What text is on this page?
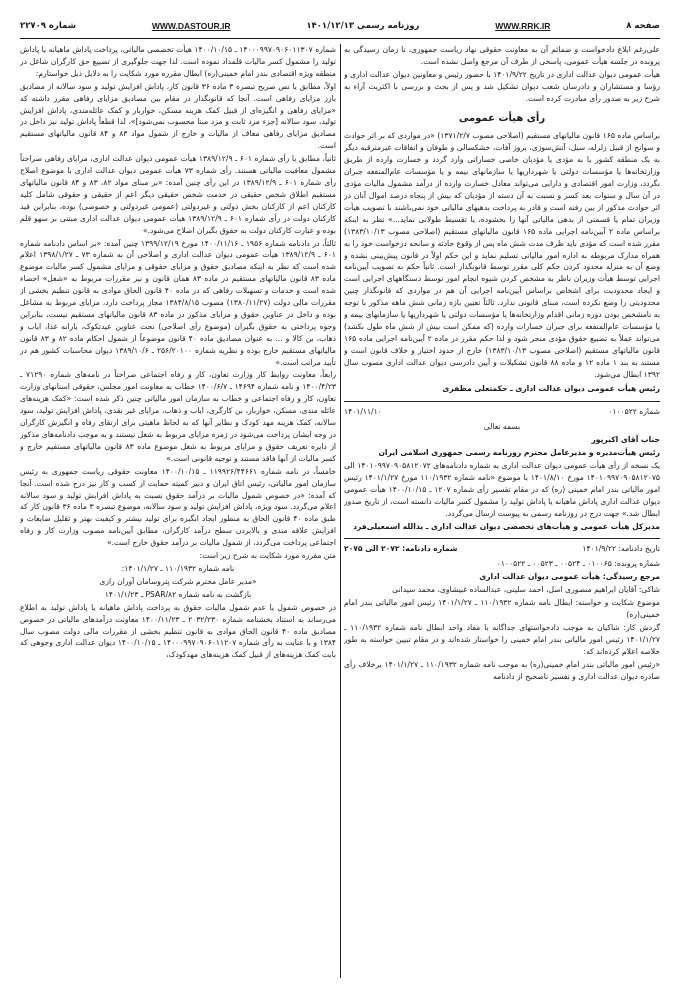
شماره ۲۲۷۰۹	WWW.DASTOUR.IR	روزنامه رسمی ۱۴۰۱/۱۲/۱۳	WWW.RRK.IR	صفحه ۸

علی‌رغم ابلاغ دادخواست و ضمائم آن به معاونت حقوقی نهاد ریاست جمهوری، تا زمان رسیدگی به پرونده در جلسه هیأت عمومی، پاسخی از طرف آن مرجع واصل نشده است.

هیأت عمومی دیوان عدالت اداری در تاریخ ۱۴۰۱/۹/۲۲ با حضور رئیس و معاونین دیوان عدالت اداری و رؤسا و مستشاران و دادرسان شعب دیوان تشکیل شد و پس از بحث و بررسی با اکثریت آراء به شرح زیر به صدور رأی مبادرت کرده است.

رأی هیأت عمومی

براساس ماده ۱۶۵ قانون مالیاتهای مستقیم (اصلاحی مصوب ۱۳۷۱/۲/۷) «در مواردی که بر اثر حوادث و سوانح از قبیل زلزله، سیل، آتش‌سوزی، بروز آفات، خشکسالی و طوفان و اتفاقات غیرمترقبه دیگر به یک منطقه کشور یا به مؤدی یا مؤدیان خاصی خساراتی وارد گردد و خسارت وارده از طریق وزارتخانه‌ها یا مؤسسات دولتی یا شهرداریها یا سازمانهای بیمه و یا مؤسسات عام‌المنفعه جبران نگردد، وزارت امور اقتصادی و دارایی می‌تواند معادل خسارت وارده از درآمد مشمول مالیات مؤدی در آن سال و سنوات بعد کسر و نسبت به آن دسته از مؤدیان که بیش از پنجاه درصد اموال آنان در اثر حوادث مذکور از بین رفته است و قادر به پرداخت بدهیهای مالیاتی خود نمی‌باشند با تصویب هیأت وزیران تمام یا قسمتی از بدهی مالیاتی آنها را بخشوده، یا تقسیط طولانی نماید...» نظر به اینکه براساس ماده ۲ آیین‌نامه اجرایی ماده ۱۶۵ قانون مالیاتهای مستقیم (اصلاحی مصوب ۱۳۸۳/۱۰/۱۳) مقرر شده است که مؤدی باید ظرف مدت شش ماه پس از وقوع حادثه و سانحه درخواست خود را به همراه مدارک مربوطه به اداره امور مالیاتی تسلیم نماید و این حکم اولاً در قانون پیش‌بینی نشده و وضع آن به منزله محدود کردن حکم کلی مقرر توسط قانونگذار است. ثانیاً حکم به تصویب آیین‌نامه اجرایی توسط هیأت وزیران ناظر به مشخص کردن شیوه انجام امور توسط دستگاههای اجرایی است و ایجاد محدودیت برای اشخاص براساس آیین‌نامه اجرایی آن هم در مواردی که قانونگذار چنین محدودیتی را وضع نکرده است، مبنای قانونی ندارد. ثالثاً تعیین بازه زمانی شش ماهه مذکور با توجه به نامشخص بودن دوره زمانی اقدام وزارتخانه‌ها یا مؤسسات دولتی یا شهرداریها یا سازمانهای بیمه و یا مؤسسات عام‌المنفعه برای جبران خسارات وارده (که ممکن است بیش از شش ماه طول بکشد) می‌تواند عملاً به تضییع حقوق مؤدی منجر شود و لذا حکم مقرر در ماده ۲ آیین‌نامه اجرایی ماده ۱۶۵ قانون مالیاتهای مستقیم (اصلاحی مصوب ۱۳۸۳/۱۰/۱۳) خارج از حدود اختیار و خلاف قانون است و مستند به بند ۱ ماده ۱۲ و ماده ۸۸ قانون تشکیلات و آیین دادرسی دیوان عدالت اداری مصوب سال ۱۳۹۲ ابطال می‌شود.

رئیس هیأت عمومی دیوان عدالت اداری ـ حکمتعلی مظفری

شماره ۰۱۰۰۵۲۲
۱۴۰۱/۱۱/۱۰

بسمه تعالی

جناب آقای اکبرپور

رئیس هیأت‌مدیره و مدیرعامل محترم روزنامه رسمی جمهوری اسلامی ایران

یک نسخه از رأی هیأت عمومی دیوان عدالت اداری به شماره دادنامه‌های ۱۴۰۱۰۹۹۷۰۹۰۵۸۱۲۰۷۲ الی ۱۴۰۱۰۹۹۷۰۹۰۵۸۱۲۰۷۵ مورخ ۱۴۰۱/۸/۱۰ با موضوع «نامه شماره ۱۱۰/۱۹۳۲ مورخ ۱۴۰۱/۱/۲۷ رئیس امور مالیاتی بندر امام خمینی (ره) که در مقام تفسیر رأی شماره ۱۲۰۷ ـ ۱۴۰۰/۱۰/۱۵ هیأت عمومی دیوان عدالت اداری پاداش ماهیانه یا پاداش تولید را مشمول کسر مالیات دانسته است، از تاریخ صدور ابطال شد.» جهت درج در روزنامه رسمی به پیوست ارسال می‌گردد.

مدیرکل هیأت عمومی و هیأت‌های تخصصی دیوان عدالت اداری ـ یدالله اسمعیلی‌فرد

تاریخ دادنامه: ۱۴۰۱/۹/۲۲
شماره دادنامه: ۲۰۷۲ الی ۲۰۷۵

شماره پرونده: ۰۱۰۰۶۵ ـ ۰۰۵۲۴ ـ ۰۰۵۲۳ ـ ۰۱۰۰۵۲۲

مرجع رسیدگی: هیأت عمومی دیوان عدالت اداری

شاکی: آقایان ابراهیم منصوری اصل، احمد سلیتی، عبدالساده غبیشاوی، محمد سیدانی

موضوع شکایت و خواسته: ابطال نامه شماره ۱۱۰/۱۹۳۲ ـ ۱۴۰۱/۱/۲۷ رئیس امور مالیاتی بندر امام خمینی(ره)

گردش کار: شاکیان به موجب دادخواستهای جداگانه با مفاد واحد ابطال نامه شماره ۱۱۰/۱۹۳۲ ـ ۱۴۰۱/۱/۲۷ رئیس امور مالیاتی بندر امام خمینی را خواستار شده‌اند و در مقام تبیین خواسته به طور خلاصه اعلام کرده‌اند که:

«رئیس امور مالیاتی بندر امام خمینی(ره) به موجب نامه شماره ۱۱۰/۱۹۳۲ ـ ۱۴۰۱/۱/۲۷ برخلاف رأی صادره دیوان عدالت اداری و تفسیر ناصحیح از دادنامه

شماره ۱۴۰۰۰۹۹۷۰۹۰۶۰۱۱۳۰۷ ـ ۱۴۰۰/۱۰/۱۵ هیأت تخصصی مالیاتی، پرداخت پاداش ماهیانه یا پاداش تولید را مشمول کسر مالیات قلمداد نموده است. لذا جهت جلوگیری از تضییع حق کارگران شاغل در منطقه ویژه اقتصادی بندر امام خمینی(ره) ابطال مقرره مورد شکایت را به دلایل ذیل خواستارم:

اولاً، مطابق با نص صریح تبصره ۳ ماده ۳۶ قانون کار، پاداش افزایش تولید و سود سالانه از مصادیق بارز مزایای رفاهی است. آنجا که قانونگذار در مقام بین مصادیق مزایای رفاهی مقرر داشته که «مزایای رفاهی و انگیزه‌ای از قبیل کمک هزینه مسکن، خواربار و کمک عائله‌مندی، پاداش افزایش تولید، سود سالانه [جزء مزد ثابت و مزد مبنا محسوب نمی‌شود]»، لذا قطعاً پاداش تولید نیز داخل در مصادیق مزایای رفاهی معاف از مالیات و خارج از شمول مواد ۸۳ و ۸۴ قانون مالیاتهای مستقیم است.

ثانیاً، مطابق با رأی شماره ۶۰۱ ـ ۱۳۸۹/۱۲/۹ هیأت عمومی دیوان عدالت اداری، مزایای رفاهی صراحتاً مشمول معافیت مالیاتی هستند. رأی شماره ۷۳ هیأت عمومی دیوان عدالت اداری با موضوع اصلاح رأی شماره ۶۰۱ ـ ۱۳۸۹/۱۲/۹ در این رأی چنین آمده: «بر مبنای مواد ۸۲، ۸۳ و ۸۴ قانون مالیاتهای مستقیم اطلاق شخص حقیقی در خدمت شخص حقیقی دیگر اعم از حقیقی و حقوقی شامل کلیه کارکنان اعم از کارکنان بخش دولتی و غیردولتی (عمومی غیردولتی و خصوصی) بوده، بنابراین قید کارکنان دولت در رأی شماره ۶۰۱ ـ ۱۳۸۹/۱۲/۹ هیأت عمومی دیوان عدالت اداری مبتنی بر سهو قلم بوده و عبارت کارکنان دولت به حقوق بگیران اصلاح می‌شود.»

ثالثاً، در دادنامه شماره ۱۹۵۶ ـ ۱۴۰۰/۱۱/۱۶ مورخ ۱۳۹۹/۱۲/۱۹ چنین آمده: «بر اساس دادنامه شماره ۶۰۱ ـ ۱۳۸۹/۱۲/۹ هیأت عمومی دیوان عدالت اداری و اصلاحی آن به شماره ۷۳ ـ ۱۳۹۸/۱/۲۷ اعلام شده است که نظر به اینکه مصادیق حقوق و مزایای حقوقی و مزایای مشمول کسر مالیات موضوع ماده ۸۳ قانون مالیاتهای مستقیم در ماده ۸۳ همان قانون و نیز مقررات مربوط به «شغل» احصاء شده است و خدمات و تسهیلات رفاهی که در ماده ۴۰ قانون الحاق موادی به قانون تنظیم بخشی از مقررات مالی دولت (۱۳۸۰/۱۱/۲۷) مصوب ۱۳۸۴/۸/۱۵ مجاز پرداخت دارد، مزایای مربوط به مشاغل بوده و داخل در عناوین حقوق و مزایای مذکور در ماده ۸۳ قانون مالیاتهای مستقیم نیست، بنابراین وجوه پرداختی به حقوق بگیران (موضوع رأی اصلاحی) تحت عناوین عیدتکوک، یارانه غذا، ایاب و ذهاب، بن کالا و ... به عنوان مصادیق ماده ۴۰ قانون موضوعاً از شمول احکام ماده ۸۲ و ۸۳ قانون مالیاتهای مستقیم خارج بوده و نظریه شماره ۲۵۶/۲۰۱۰۰ ـ ۱۳۸۹/۱۰/۶ دیوان محاسبات کشور هم در تأیید مراتب است.»

رابعاً، معاونت روابط کار وزارت تعاون، کار و رفاه اجتماعی صراحتاً در نامه‌های شماره ۷۱۲۹۰ ـ ۱۴۰۰/۴/۲۳ و نامه شماره ۱۴۶۹۴ ـ ۱۴۰۰/۶/۷ خطاب به معاونت امور مجلس، حقوقی استانهای وزارت تعاون، کار و رفاه اجتماعی و خطاب به سازمان امور مالیاتی چنین ذکر شده است: «کمک هزینه‌های عائله مندی، مسکن، خواربار، بن کارگری، ایاب و ذهاب، مزایای غیر نقدی، پاداش افزایش تولید، سود سالانه، کمک هزینه مهد کودک و نظایر آنها که به لحاظ ماهیتی برای ارتقای رفاه و انگیزش کارگران در وجه ایشان پرداخت می‌شود در زمره مزایای مربوط به شغل نیستند و به موجب دادنامه‌های مذکور از دایره تعریف حقوق و مزایای مربوط به شغل موضوع ماده ۸۳ قانون مالیاتهای مستقیم خارج و کسر مالیات از آنها فاقد مستند و توجیه قانونی است.»

خامساً، در نامه شماره ۱۱۹۹۲۶/۴۴۶۶۱ ـ ۱۴۰۰/۱۰/۱۵ معاونت حقوقی ریاست جمهوری به رئیس سازمان امور مالیاتی، رئیس اتاق ایران و دبیر کمیته حمایت از کسب و کار نیز درج شده است. آنجا که آمده: «در خصوص شمول مالیات بر درآمد حقوق نسبت به پاداش افزایش تولید و سود سالانه اعلام می‌گردد. سود ویژه، پاداش افزایش تولید و سود سالانه، موضوع تبصره ۳ ماده ۳۶ قانون کار که طبق ماده ۴۰ قانون الحاق به منظور ایجاد انگیزه برای تولید بیشتر و کیفیت بهتر و تقلیل ضایعات و افزایش علاقه مندی و بالابردن سطح درآمد کارگران، مطابق آیین‌نامه مصوب وزارت کار و رفاه اجتماعی پرداخت می‌گردد، از شمول مالیات بر درآمد حقوق خارج است.»

متن مقرره مورد شکایت به شرح زیر است:

نامه شماره ۱۱۰/۱۹۳۲ ـ ۱۴۰۱/۱/۲۷:

«مدیر عامل محترم شرکت پتروسامان آوران رازی

بازگشت به نامه شماره PSAR/۸۲ ـ ۱۴۰۱/۱/۲۳

در خصوص شمول یا عدم شمول مالیات حقوق به پرداخت پاداش ماهیانه یا پاداش تولید به اطلاع می‌رساند به استناد بخشنامه شماره ۲۰۳۲/۲۳۰ ـ ۱۴۰۰/۱۱/۲۳ معاونت درآمدهای مالیاتی در خصوص مصادیق ماده ۴۰ قانون الحاق موادی به قانون تنظیم بخشی از مقررات مالی دولت مصوب سال ۱۳۸۴ و با عنایت به رأی شماره ۱۴۰۰۰۹۹۷۰۹۰۶۰۱۱۲۰۷ ـ ۱۴۰۰/۱۰/۱۵ دیوان عدالت اداری وجوهی که بابت کمک هزینه‌های از قبیل کمک هزینه‌های مهدکودک،
